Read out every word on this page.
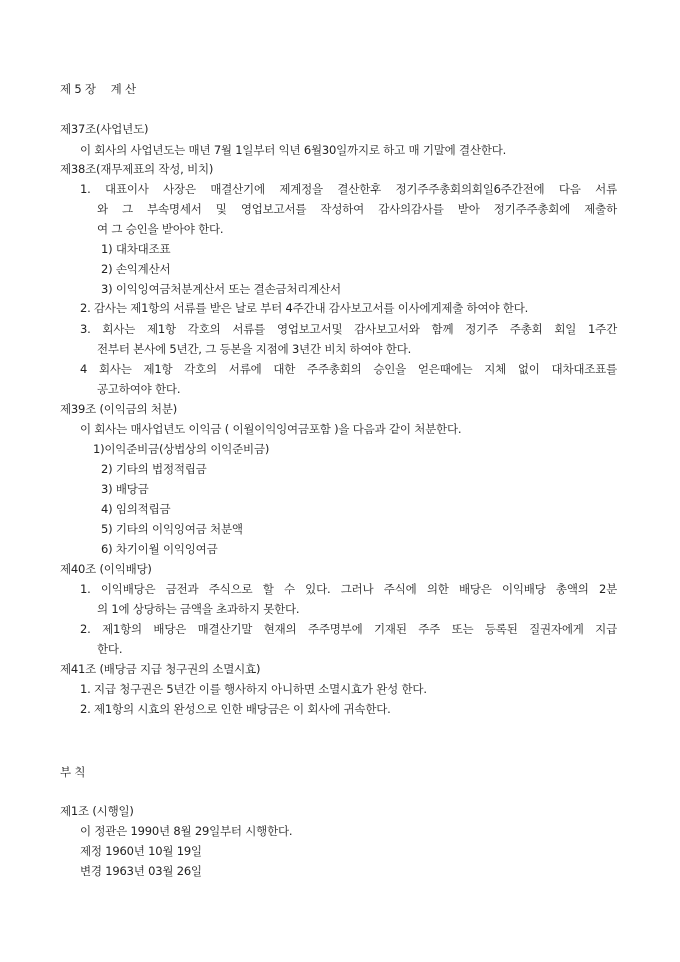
제 5 장　 계 산
제37조(사업년도)
이 회사의 사업년도는 매년 7월 1일부터 익년 6월30일까지로 하고 매 기말에 결산한다.
제38조(재무제표의 작성, 비치)
1. 대표이사 사장은 매결산기에 제계정을 결산한후 정기주주총회의회일6주간전에 다음 서류
와 그 부속명세서 및 영업보고서를 작성하여 감사의감사를 받아 정기주주총회에 제출하
여 그 승인을 받아야 한다.
1) 대차대조표
2) 손익계산서
3) 이익잉여금처분계산서 또는 결손금처리계산서
2. 감사는 제1항의 서류를 받은 날로 부터 4주간내 감사보고서를 이사에게제출 하여야 한다.
3. 회사는 제1항 각호의 서류를 영업보고서및 감사보고서와 함께 정기주 주총회 회일 1주간
전부터 본사에 5년간, 그 등본을 지점에 3년간 비치 하여야 한다.
4 회사는 제1항 각호의 서류에 대한 주주총회의 승인을 얻은때에는 지체 없이 대차대조표를
공고하여야 한다.
제39조 (이익금의 처분)
이 회사는 매사업년도 이익금 ( 이월이익잉여금포함 )을 다음과 같이 처분한다.
1)이익준비금(상법상의 이익준비금)
2) 기타의 법정적립금
3) 배당금
4) 임의적립금
5) 기타의 이익잉여금 처분액
6) 차기이월 이익잉여금
제40조 (이익배당)
1. 이익배당은 금전과 주식으로 할 수 있다. 그러나 주식에 의한 배당은 이익배당 총액의 2분
의 1에 상당하는 금액을 초과하지 못한다.
2. 제1항의 배당은 매결산기말 현재의 주주명부에 기재된 주주 또는 등록된 질권자에게 지급
한다.
제41조 (배당금 지급 청구권의 소멸시효)
1. 지급 청구권은 5년간 이를 행사하지 아니하면 소멸시효가 완성 한다.
2. 제1항의 시효의 완성으로 인한 배당금은 이 회사에 귀속한다.
부 칙
제1조 (시행일)
이 정관은 1990년 8월 29일부터 시행한다.
제정 1960년 10월 19일
변경 1963년 03월 26일
